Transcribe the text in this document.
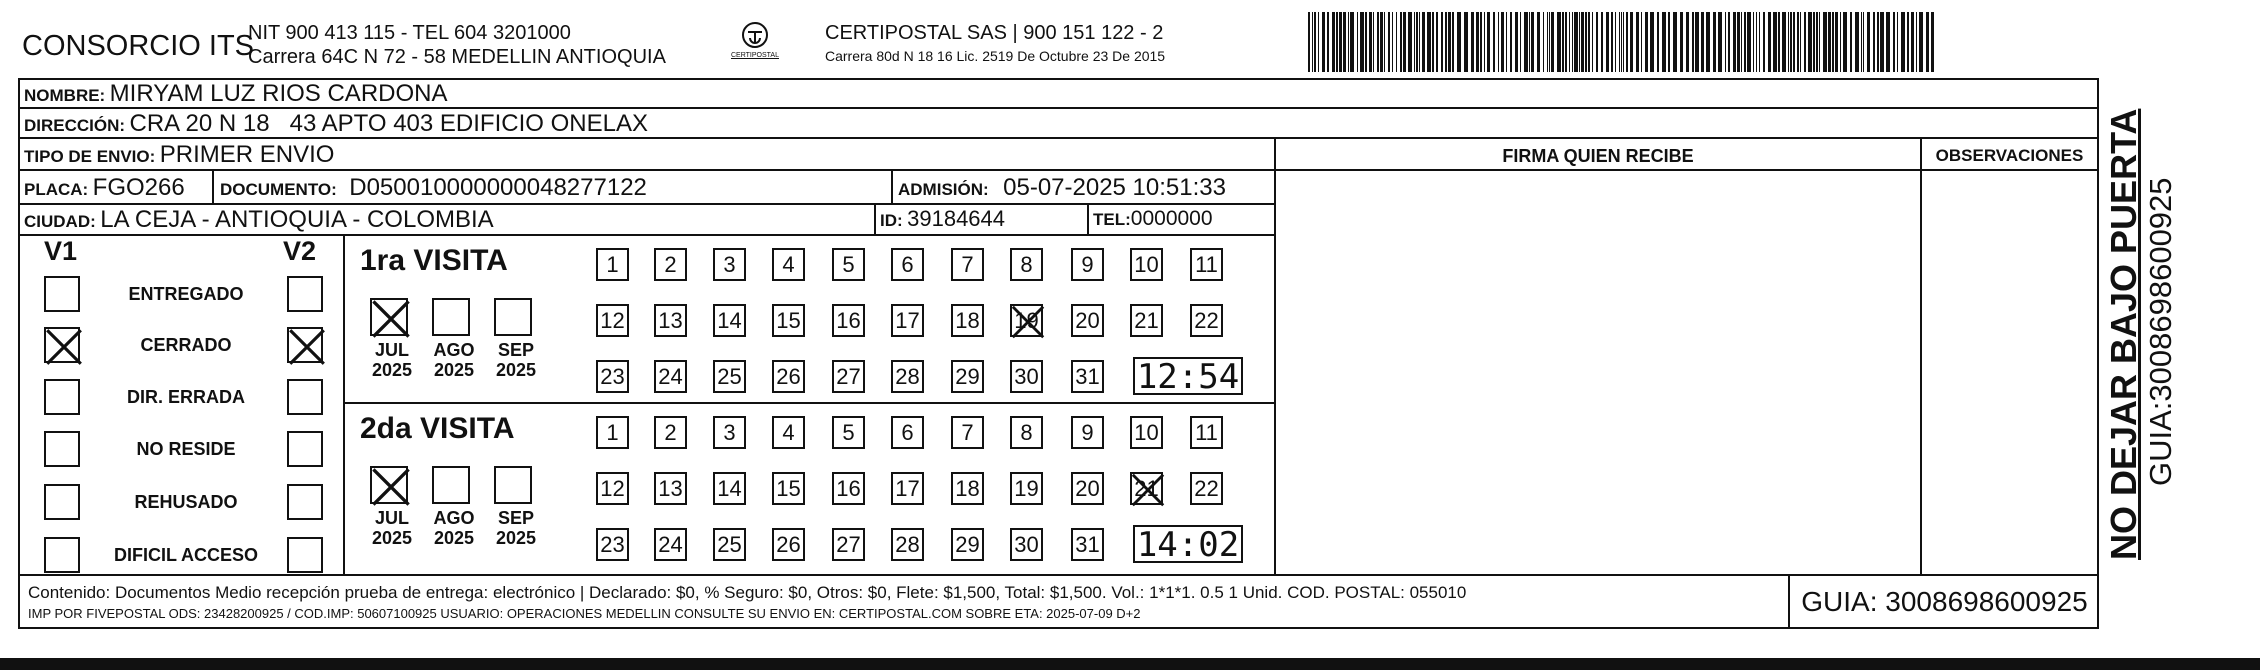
CONSORCIO ITS
NIT 900 413 115 - TEL 604 3201000
Carrera 64C N 72 - 58 MEDELLIN ANTIOQUIA	CERTIPOSTAL
CERTIPOSTAL SAS | 900 151 122 - 2
Carrera 80d N 18 16 Lic. 2519 De Octubre 23 De 2015
NOMBRE: MIRYAM LUZ RIOS CARDONA
DIRECCIÓN: CRA 20 N 18   43 APTO 403 EDIFICIO ONELAX
TIPO DE ENVIO: PRIMER ENVIO	FIRMA QUIEN RECIBE	OBSERVACIONES
PLACA: FGO266 DOCUMENTO: D050010000000048277122	ADMISIÓN: 05-07-2025 10:51:33
CIUDAD: LA CEJA - ANTIOQUIA - COLOMBIA	ID: 39184644	TEL:0000000
V1	V2
ENTREGADO
CERRADO
DIR. ERRADA
NO RESIDE
REHUSADO
DIFICIL ACCESO
1ra VISITA
JUL
2025
AGO
2025
SEP
2025
1	2	3	4	5	6	7	8	9	10 11
12 13 14 15 16 17 18 19 20 21 22
23 24 25 26 27 28 29 30 31 12:54
2da VISITA
JUL
2025
AGO
2025
SEP
2025
1	2	3	4	5	6	7	8	9	10 11
12 13 14 15 16 17 18 19 20 21 22
23 24 25 26 27 28 29 30 31 14:02
Contenido: Documentos Medio recepción prueba de entrega: electrónico | Declarado: $0, % Seguro: $0, Otros: $0, Flete: $1,500, Total: $1,500. Vol.: 1*1*1. 0.5 1 Unid. COD. POSTAL: 055010
IMP POR FIVEPOSTAL ODS: 23428200925 / COD.IMP: 50607100925 USUARIO: OPERACIONES MEDELLIN CONSULTE SU ENVIO EN: CERTIPOSTAL.COM SOBRE ETA: 2025-07-09 D+2	GUIA: 3008698600925
NO DEJAR BAJO PUERTA GUIA:3008698600925
